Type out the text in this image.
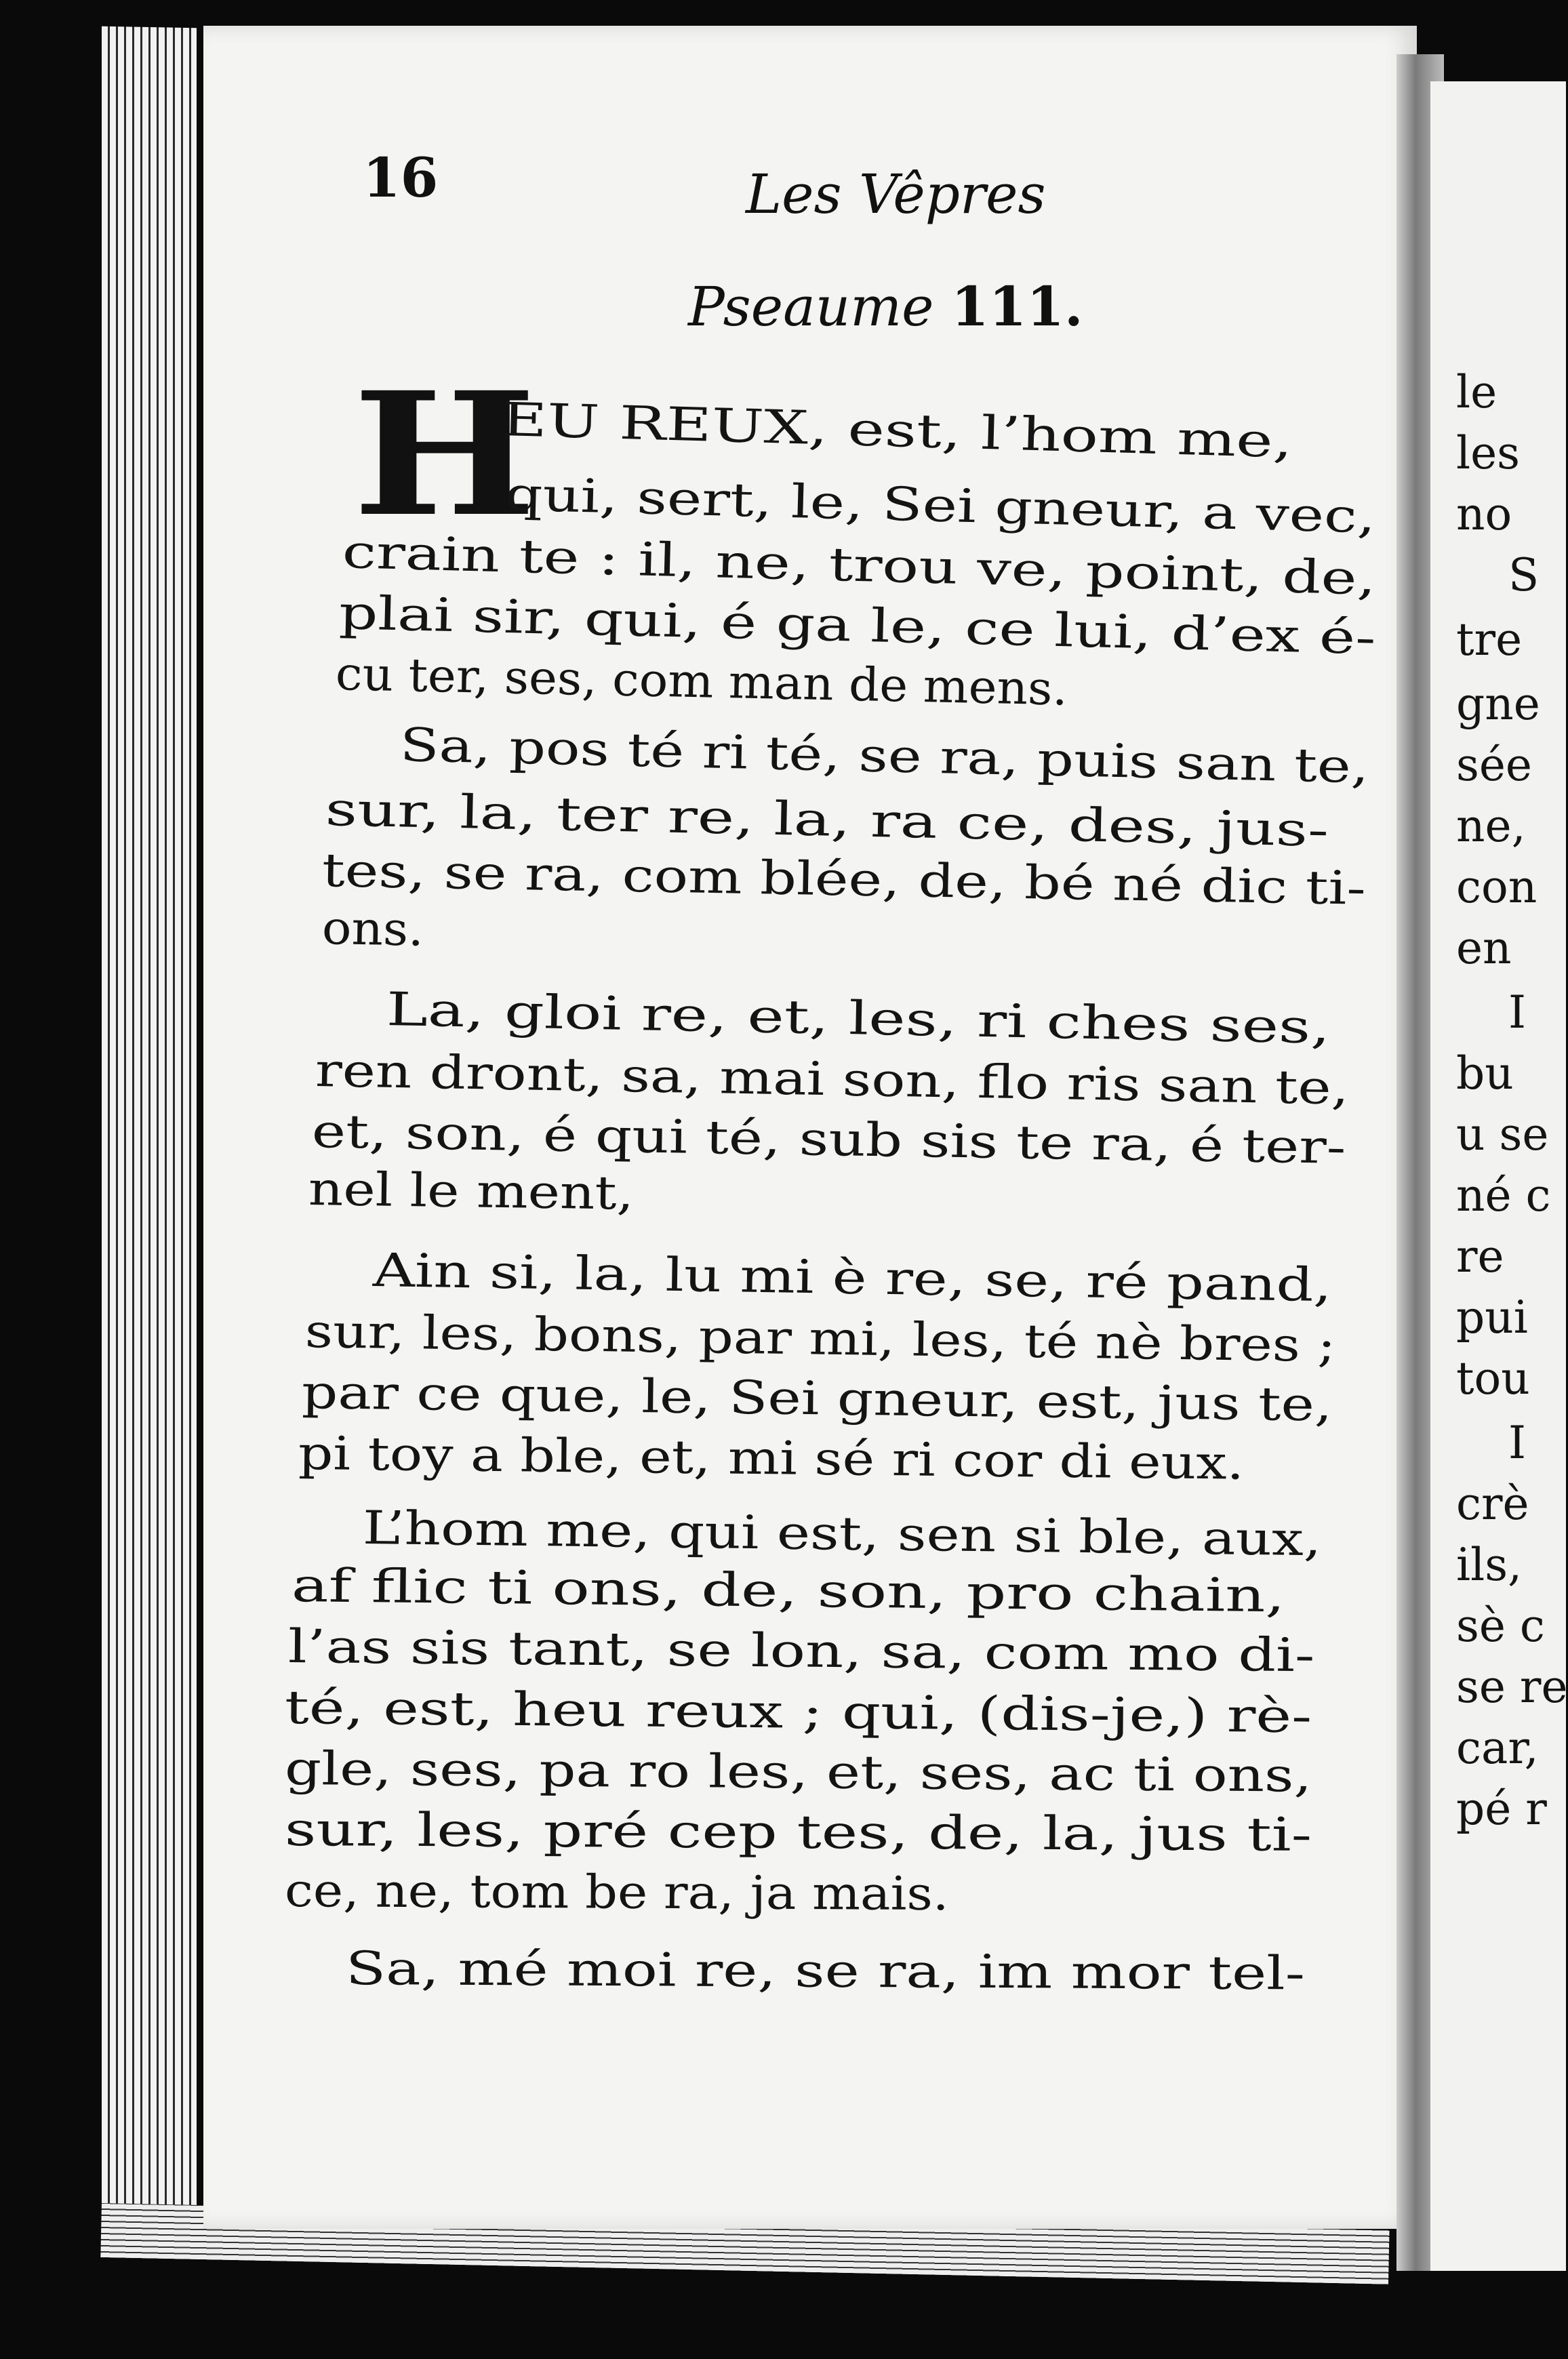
16	Les Vêpres
Pseaume 111.
H
EU REUX, est, l’hom me,
qui, sert, le, Sei gneur, a vec,
crain te : il, ne, trou ve, point, de,
plai sir, qui, é ga le, ce lui, d’ex é-
cu ter, ses, com man de mens.
Sa, pos té ri té, se ra, puis san te,
sur, la, ter re, la, ra ce, des, jus-
tes, se ra, com blée, de, bé né dic ti-
ons.
La, gloi re, et, les, ri ches ses,
ren dront, sa, mai son, flo ris san te,
et, son, é qui té, sub sis te ra, é ter-
nel le ment,
Ain si, la, lu mi è re, se, ré pand,
sur, les, bons, par mi, les, té nè bres ;
par ce que, le, Sei gneur, est, jus te,
pi toy a ble, et, mi sé ri cor di eux.
L’hom me, qui est, sen si ble, aux,
af flic ti ons, de, son, pro chain,
l’as sis tant, se lon, sa, com mo di-
té, est, heu reux ; qui, (dis-je,) rè-
gle, ses, pa ro les, et, ses, ac ti ons,
sur, les, pré cep tes, de, la, jus ti-
ce, ne, tom be ra, ja mais.
Sa, mé moi re, se ra, im mor tel-
le
les
no
S
tre
gne
sée
ne,
con
en
I
bu
u se
né c
re
pui
tou
I
crè
ils,
sè c
se re
car,
pé r
